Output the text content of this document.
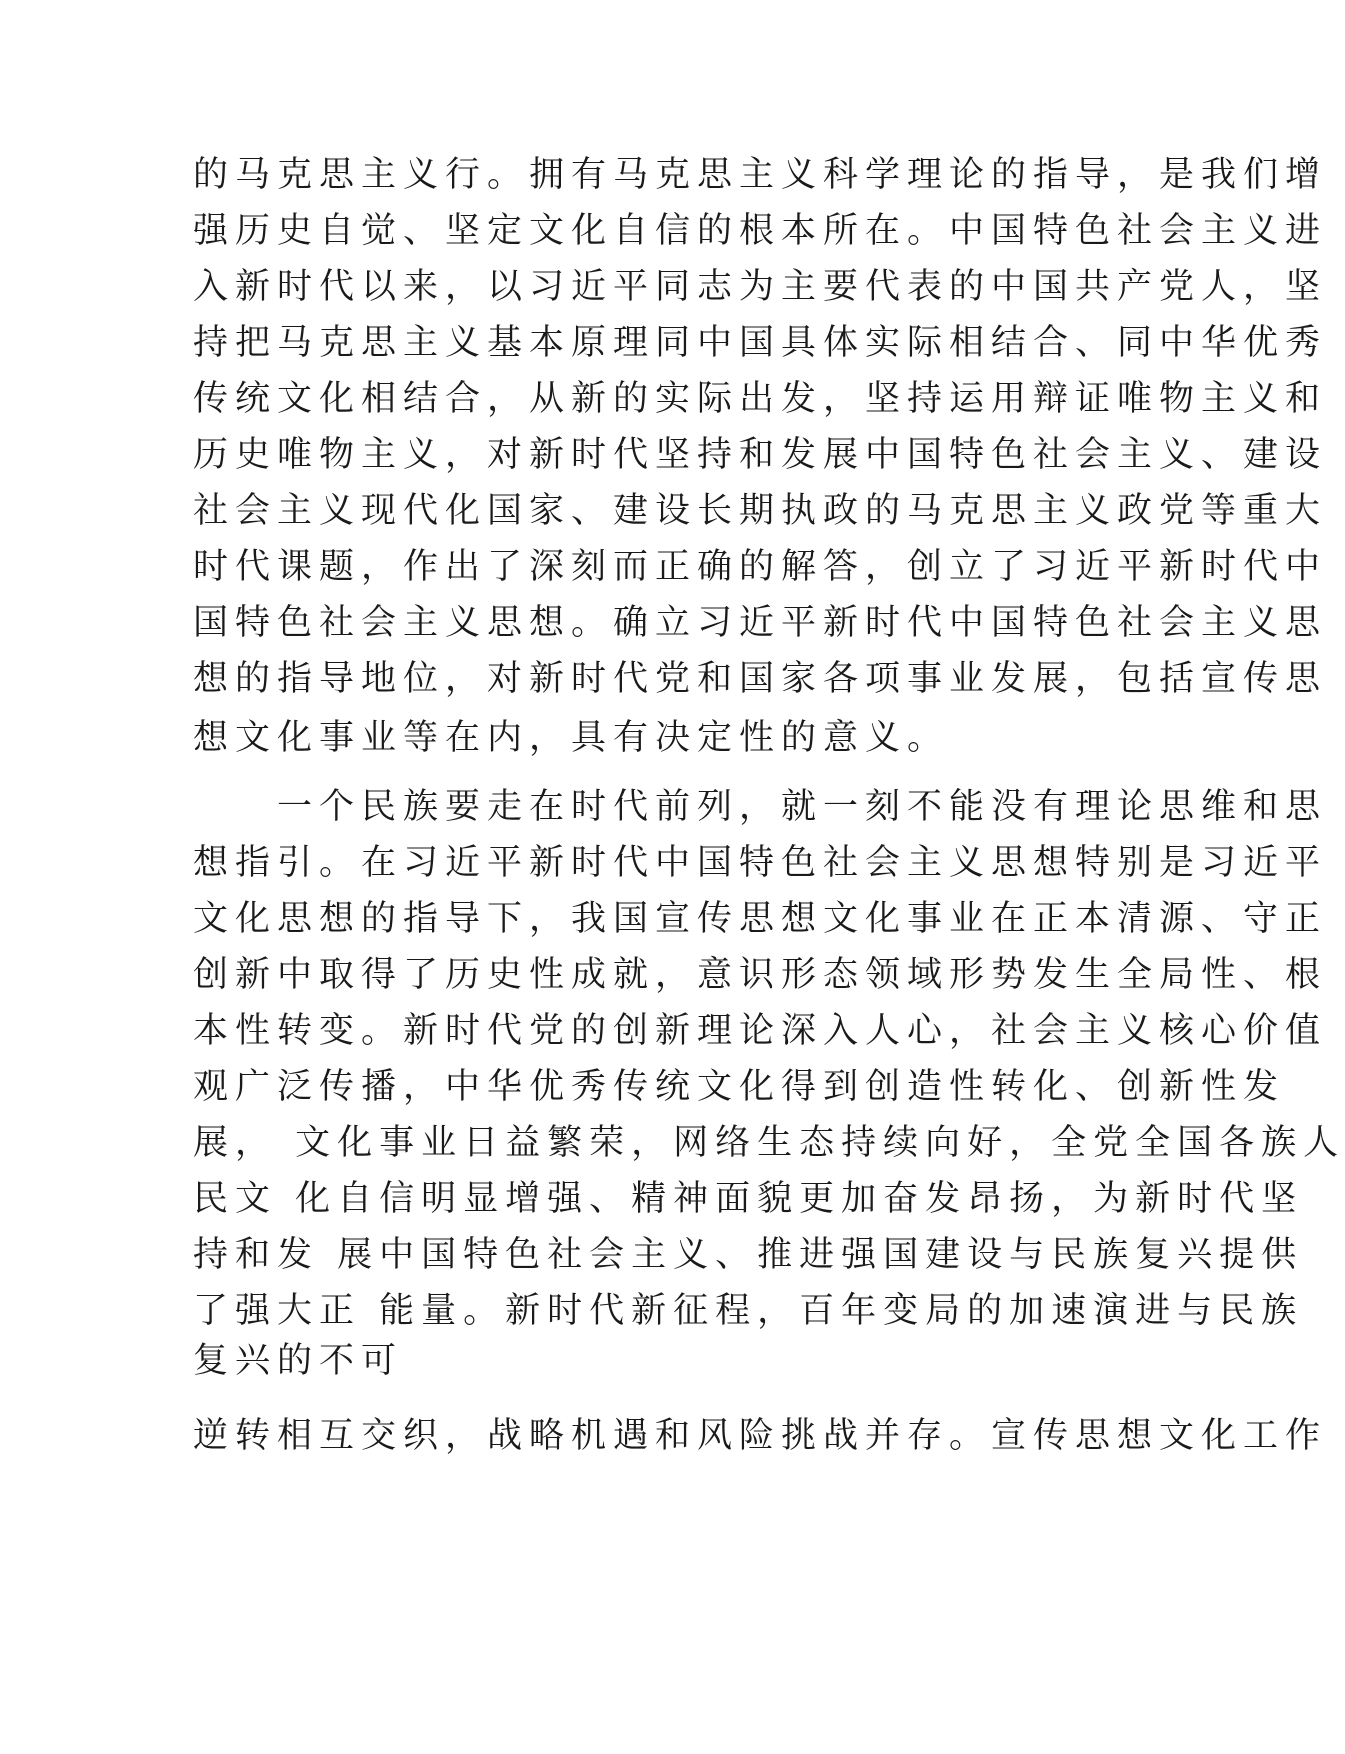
的马克思主义行。拥有马克思主义科学理论的指导，是我们增
强历史自觉、坚定文化自信的根本所在。中国特色社会主义进
入新时代以来，以习近平同志为主要代表的中国共产党人，坚
持把马克思主义基本原理同中国具体实际相结合、同中华优秀
传统文化相结合，从新的实际出发，坚持运用辩证唯物主义和
历史唯物主义，对新时代坚持和发展中国特色社会主义、建设
社会主义现代化国家、建设长期执政的马克思主义政党等重大
时代课题，作出了深刻而正确的解答，创立了习近平新时代中
国特色社会主义思想。确立习近平新时代中国特色社会主义思
想的指导地位，对新时代党和国家各项事业发展，包括宣传思
想文化事业等在内，具有决定性的意义。
　　一个民族要走在时代前列，就一刻不能没有理论思维和思
想指引。在习近平新时代中国特色社会主义思想特别是习近平
文化思想的指导下，我国宣传思想文化事业在正本清源、守正
创新中取得了历史性成就，意识形态领域形势发生全局性、根
本性转变。新时代党的创新理论深入人心，社会主义核心价值
观广泛传播，中华优秀传统文化得到创造性转化、创新性发
展， 文化事业日益繁荣，网络生态持续向好，全党全国各族人
民文 化自信明显增强、精神面貌更加奋发昂扬，为新时代坚
持和发 展中国特色社会主义、推进强国建设与民族复兴提供
了强大正 能量。新时代新征程，百年变局的加速演进与民族
复兴的不可
逆转相互交织，战略机遇和风险挑战并存。宣传思想文化工作
